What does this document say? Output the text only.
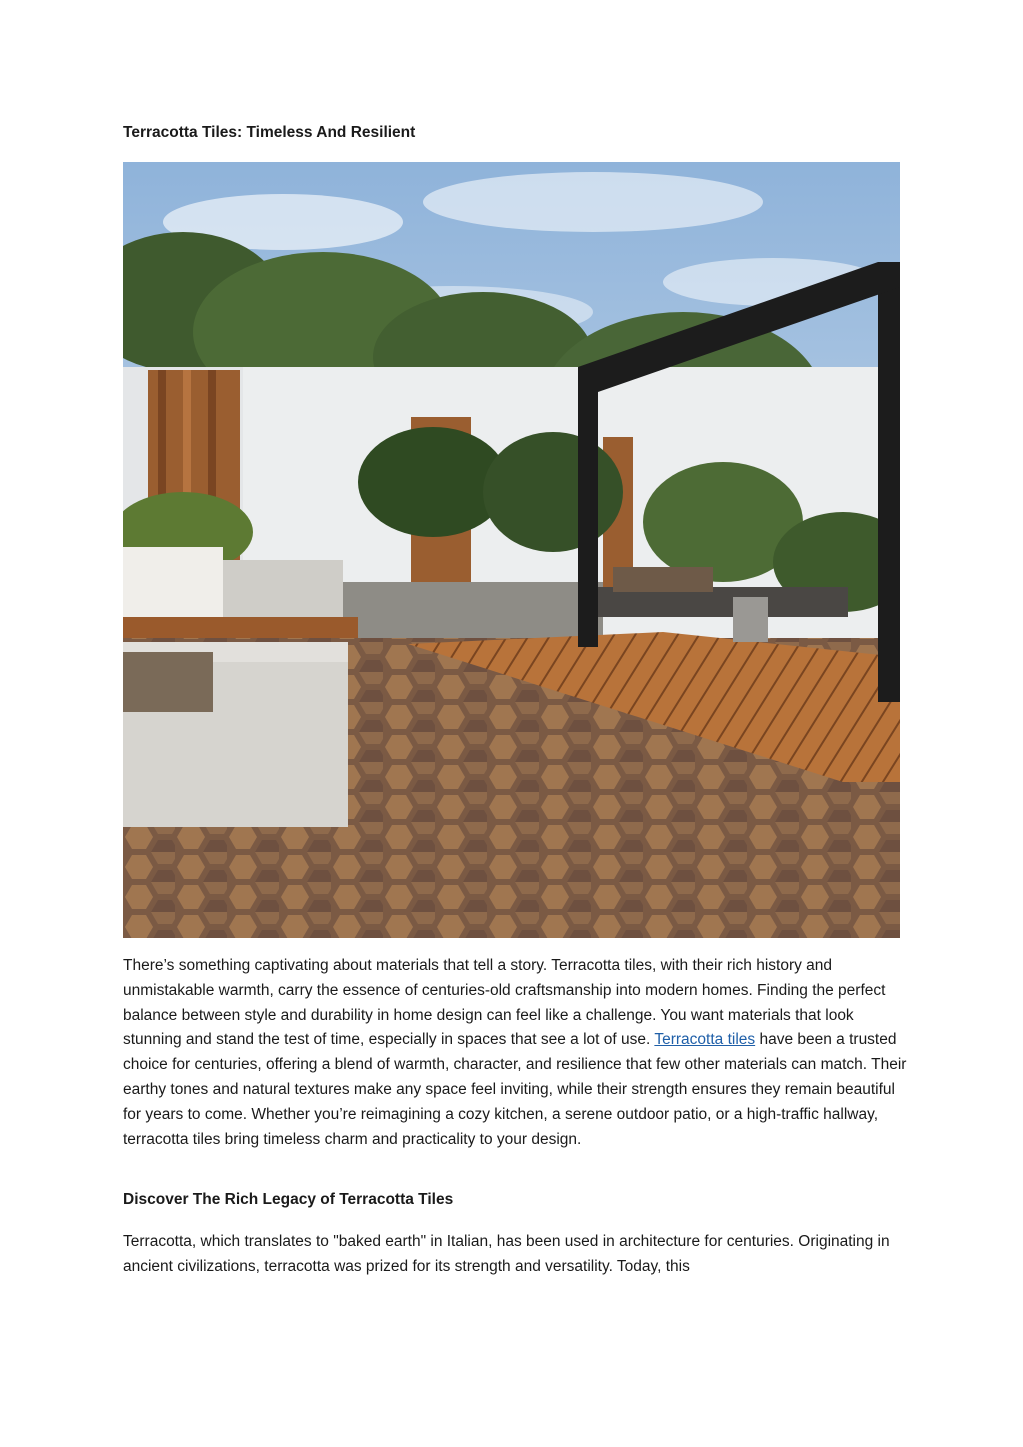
Terracotta Tiles: Timeless And Resilient

There’s something captivating about materials that tell a story. Terracotta tiles, with their rich history and unmistakable warmth, carry the essence of centuries-old craftsmanship into modern homes. Finding the perfect balance between style and durability in home design can feel like a challenge. You want materials that look stunning and stand the test of time, especially in spaces that see a lot of use. Terracotta tiles have been a trusted choice for centuries, offering a blend of warmth, character, and resilience that few other materials can match. Their earthy tones and natural textures make any space feel inviting, while their strength ensures they remain beautiful for years to come. Whether you’re reimagining a cozy kitchen, a serene outdoor patio, or a high-traffic hallway, terracotta tiles bring timeless charm and practicality to your design.

Discover The Rich Legacy of Terracotta Tiles

Terracotta, which translates to "baked earth" in Italian, has been used in architecture for centuries. Originating in ancient civilizations, terracotta was prized for its strength and versatility. Today, this
